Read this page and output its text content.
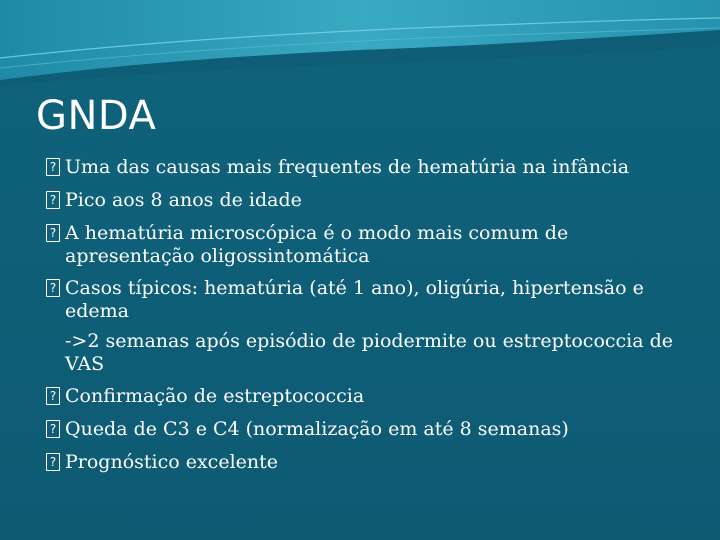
GNDA
?
Uma das causas mais frequentes de hematúria na infância
?
Pico aos 8 anos de idade
?
A hematúria microscópica é o modo mais comum de apresentação oligossintomática
?
Casos típicos: hematúria (até 1 ano), oligúria, hipertensão e edema
->2 semanas após episódio de piodermite ou estreptococcia de VAS
?
Confirmação de estreptococcia
?
Queda de C3 e C4 (normalização em até 8 semanas)
?
Prognóstico excelente
